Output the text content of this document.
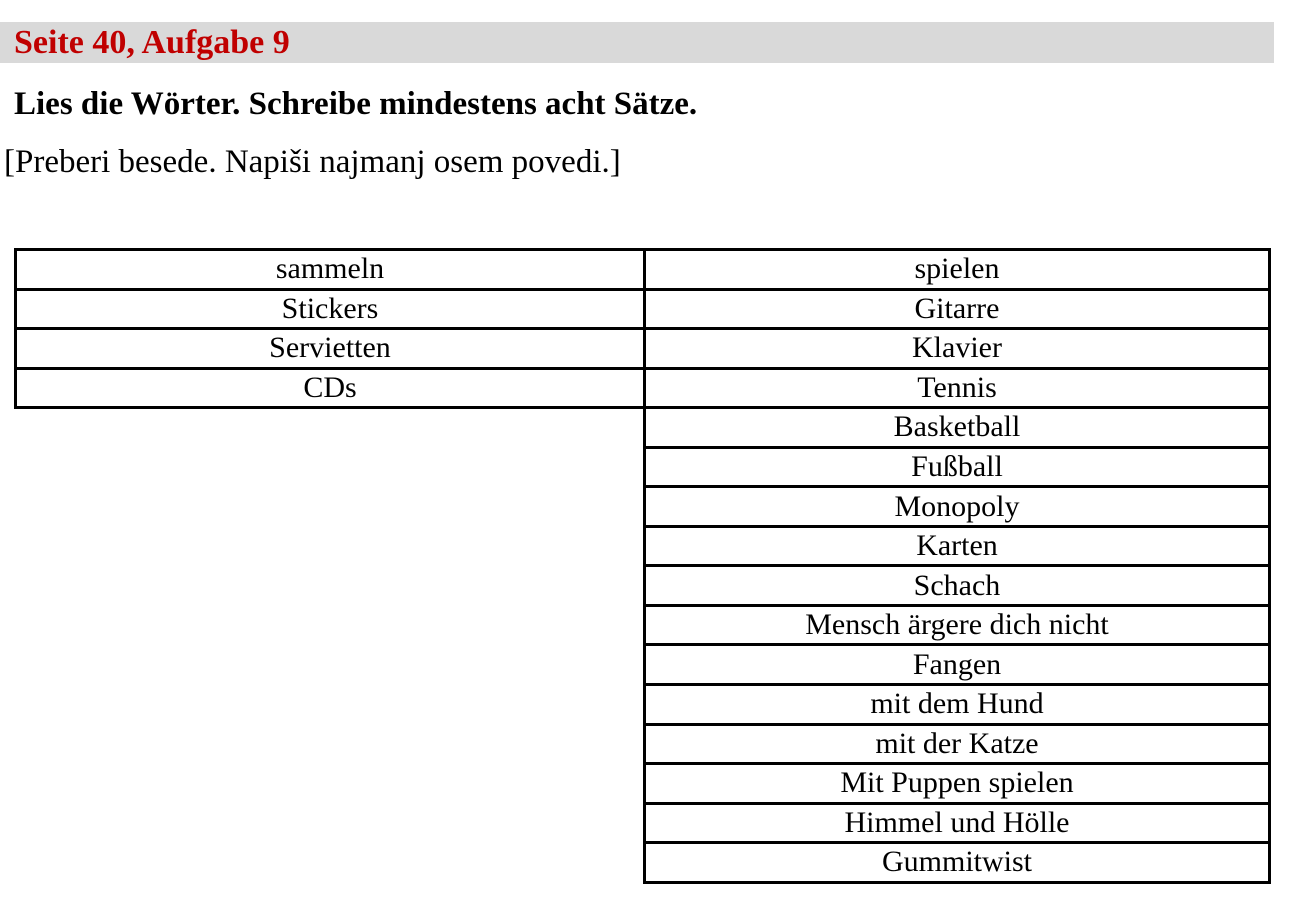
Seite 40, Aufgabe 9
Lies die Wörter. Schreibe mindestens acht Sätze.
[Preberi besede. Napiši najmanj osem povedi.]
sammeln
Stickers
Servietten
CDs
spielen
Gitarre
Klavier
Tennis
Basketball
Fußball
Monopoly
Karten
Schach
Mensch ärgere dich nicht
Fangen
mit dem Hund
mit der Katze
Mit Puppen spielen
Himmel und Hölle
Gummitwist
